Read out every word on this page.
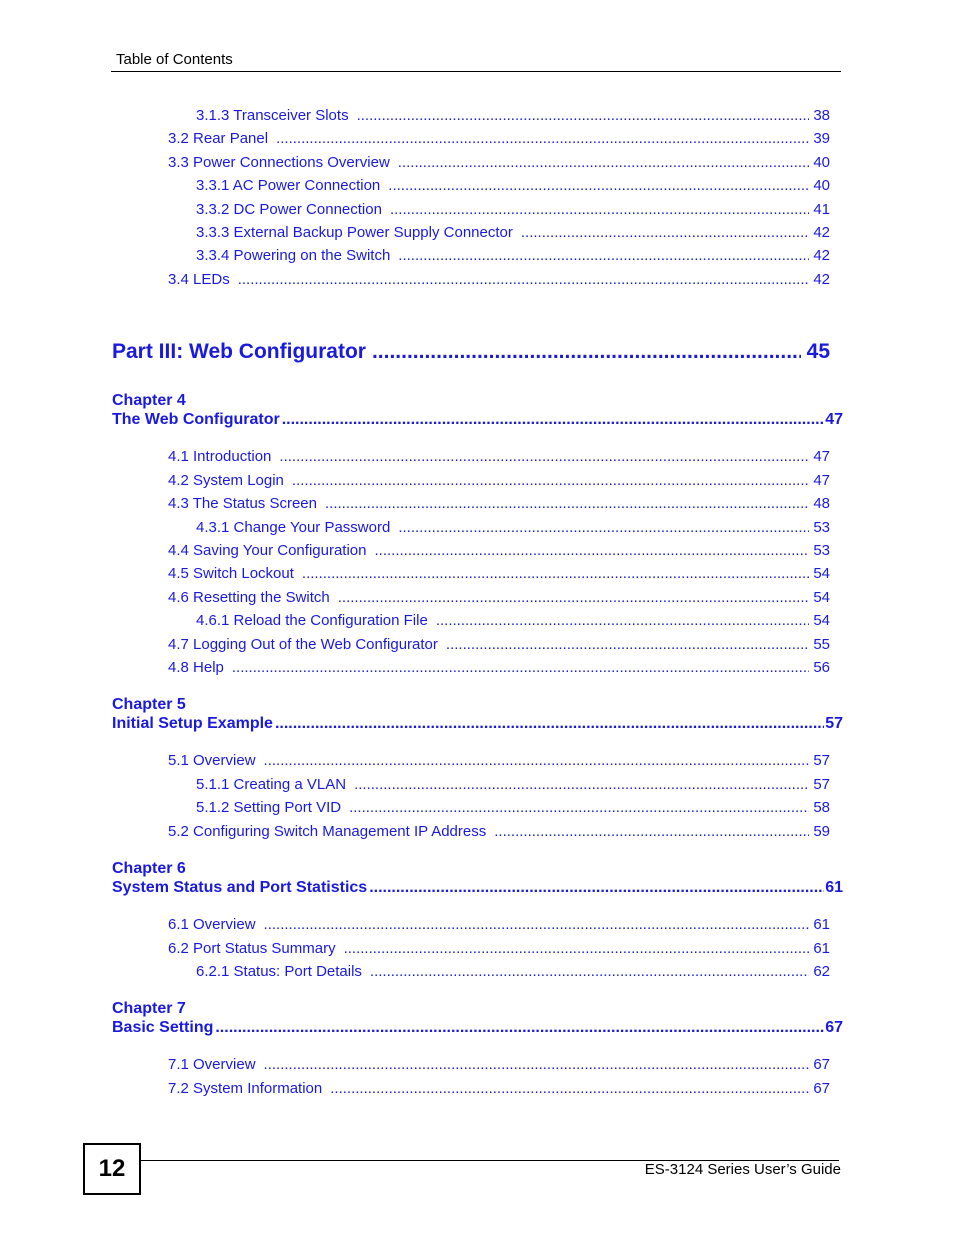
Table of Contents
3.1.3 Transceiver Slots .....	38
3.2 Rear Panel .....	39
3.3 Power Connections Overview .....	40
3.3.1 AC Power Connection .....	40
3.3.2 DC Power Connection .....	41
3.3.3 External Backup Power Supply Connector .....	42
3.3.4 Powering on the Switch .....	42
3.4 LEDs .....	42
Part III: Web Configurator .....	45
Chapter 4
The Web Configurator .....	47
4.1 Introduction .....	47
4.2 System Login .....	47
4.3 The Status Screen .....	48
4.3.1 Change Your Password .....	53
4.4 Saving Your Configuration .....	53
4.5 Switch Lockout .....	54
4.6 Resetting the Switch .....	54
4.6.1 Reload the Configuration File .....	54
4.7 Logging Out of the Web Configurator .....	55
4.8 Help .....	56
Chapter 5
Initial Setup Example .....	57
5.1 Overview .....	57
5.1.1 Creating a VLAN .....	57
5.1.2 Setting Port VID .....	58
5.2 Configuring Switch Management IP Address .....	59
Chapter 6
System Status and Port Statistics .....	61
6.1 Overview .....	61
6.2 Port Status Summary .....	61
6.2.1 Status: Port Details .....	62
Chapter 7
Basic Setting .....	67
7.1 Overview .....	67
7.2 System Information .....	67
12	ES-3124 Series User’s Guide
